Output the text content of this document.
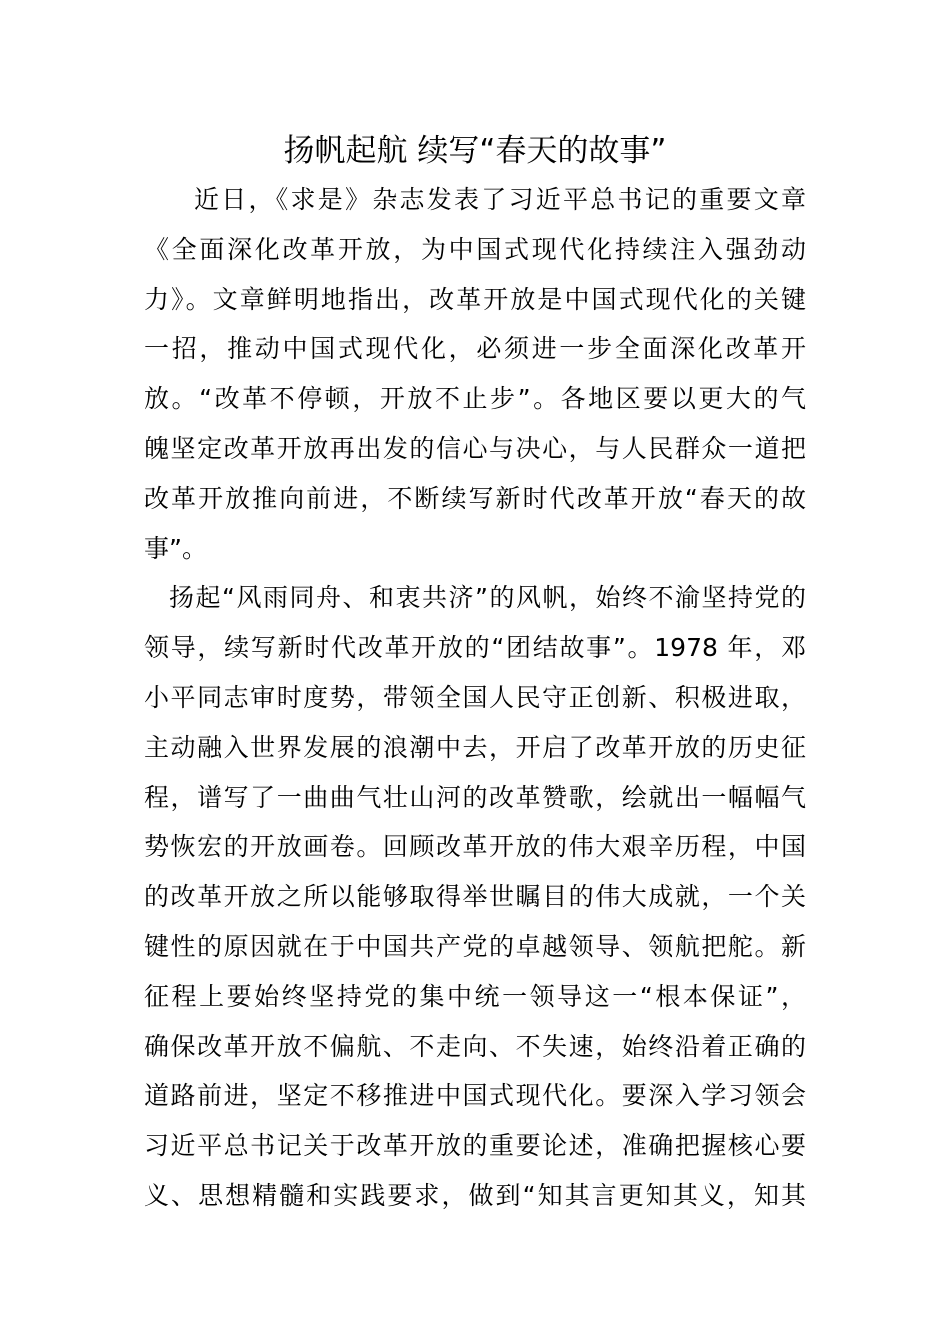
扬帆起航 续写“春天的故事”
近日，《求是》杂志发表了习近平总书记的重要文章
《全面深化改革开放，为中国式现代化持续注入强劲动
力》。文章鲜明地指出，改革开放是中国式现代化的关键
一招，推动中国式现代化，必须进一步全面深化改革开
放。“改革不停顿，开放不止步”。各地区要以更大的气
魄坚定改革开放再出发的信心与决心，与人民群众一道把
改革开放推向前进，不断续写新时代改革开放“春天的故
事”。
扬起“风雨同舟、和衷共济”的风帆，始终不渝坚持党的
领导，续写新时代改革开放的“团结故事”。1978 年，邓
小平同志审时度势，带领全国人民守正创新、积极进取，
主动融入世界发展的浪潮中去，开启了改革开放的历史征
程，谱写了一曲曲气壮山河的改革赞歌，绘就出一幅幅气
势恢宏的开放画卷。回顾改革开放的伟大艰辛历程，中国
的改革开放之所以能够取得举世瞩目的伟大成就，一个关
键性的原因就在于中国共产党的卓越领导、领航把舵。新
征程上要始终坚持党的集中统一领导这一“根本保证”，
确保改革开放不偏航、不走向、不失速，始终沿着正确的
道路前进，坚定不移推进中国式现代化。要深入学习领会
习近平总书记关于改革开放的重要论述，准确把握核心要
义、思想精髓和实践要求，做到“知其言更知其义，知其
